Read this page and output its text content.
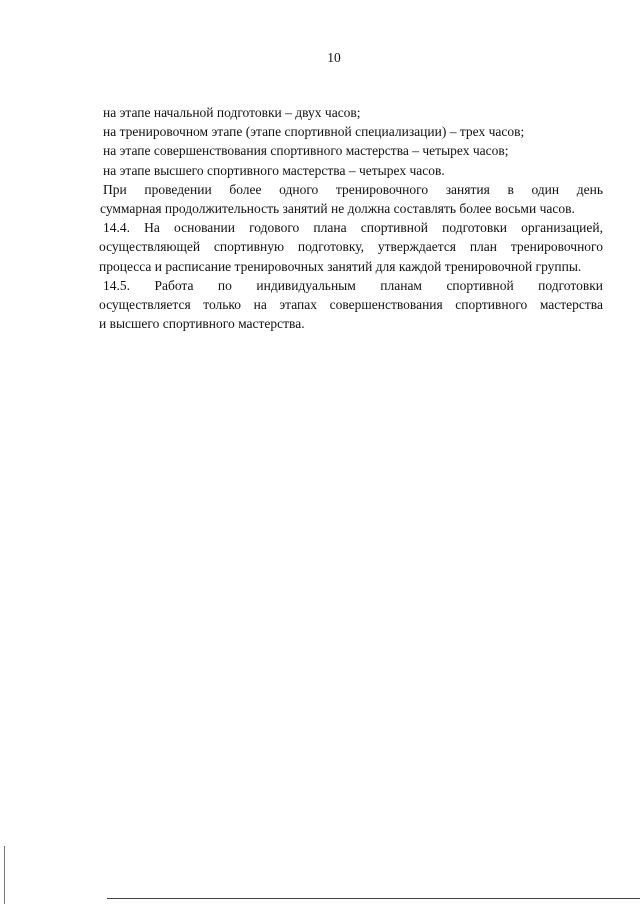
10
на этапе начальной подготовки – двух часов;
на тренировочном этапе (этапе спортивной специализации) – трех часов;
на этапе совершенствования спортивного мастерства – четырех часов;
на этапе высшего спортивного мастерства – четырех часов.
При проведении более одного тренировочного занятия в один день
суммарная продолжительность занятий не должна составлять более восьми часов.
14.4. На основании годового плана спортивной подготовки организацией,
осуществляющей спортивную подготовку, утверждается план тренировочного
процесса и расписание тренировочных занятий для каждой тренировочной группы.
14.5. Работа по индивидуальным планам спортивной подготовки
осуществляется только на этапах совершенствования спортивного мастерства
и высшего спортивного мастерства.
